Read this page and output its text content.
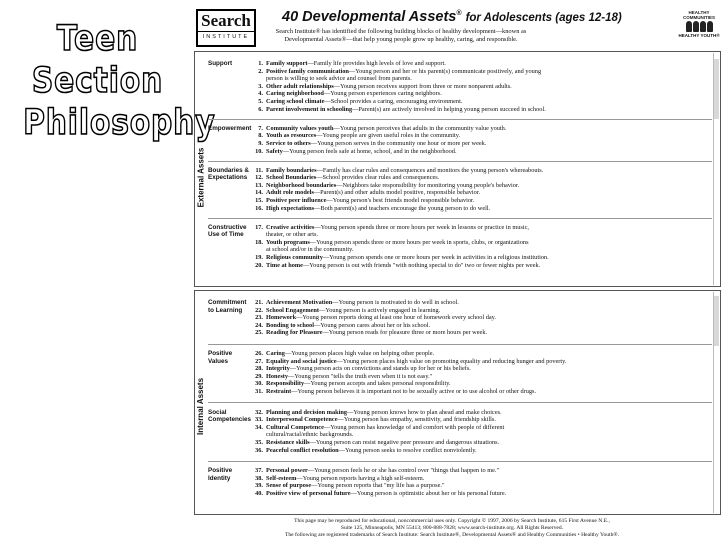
Teen
Section
Philosophy
Search
INSTITUTE
40 Developmental Assets® for Adolescents (ages 12-18)
Search Institute® has identified the following building blocks of healthy development—known as Developmental Assets®—that help young people grow up healthy, caring, and responsible.
HEALTHY COMMUNITIES
HEALTHY YOUTH®
Support	1. Family support—Family life provides high levels of love and support.
2. Positive family communication—Young person and her or his parent(s) communicate positively, and young
person is willing to seek advice and counsel from parents.
3. Other adult relationships—Young person receives support from three or more nonparent adults.
4. Caring neighborhood—Young person experiences caring neighbors.
5. Caring school climate—School provides a caring, encouraging environment.
6. Parent involvement in schooling—Parent(s) are actively involved in helping young person succeed in school.
Empowerment	7. Community values youth—Young person perceives that adults in the community value youth.
8. Youth as resources—Young people are given useful roles in the community.
9. Service to others—Young person serves in the community one hour or more per week.
10. Safety—Young person feels safe at home, school, and in the neighborhood.
Boundaries & Expectations
11. Family boundaries—Family has clear rules and consequences and monitors the young person's whereabouts.
12. School Boundaries—School provides clear rules and consequences.
13. Neighborhood boundaries—Neighbors take responsibility for monitoring young people's behavior.
14. Adult role models—Parent(s) and other adults model positive, responsible behavior.
15. Positive peer influence—Young person's best friends model responsible behavior.
16. High expectations—Both parent(s) and teachers encourage the young person to do well.
Constructive Use of Time
17. Creative activities—Young person spends three or more hours per week in lessons or practice in music,
theater, or other arts.
18. Youth programs—Young person spends three or more hours per week in sports, clubs, or organizations
at school and/or in the community.
19. Religious community—Young person spends one or more hours per week in activities in a religious institution.
20. Time at home—Young person is out with friends "with nothing special to do" two or fewer nights per week.
External Assets
Commitment to Learning
21. Achievement Motivation—Young person is motivated to do well in school.
22. School Engagement—Young person is actively engaged in learning.
23. Homework—Young person reports doing at least one hour of homework every school day.
24. Bonding to school—Young person cares about her or his school.
25. Reading for Pleasure—Young person reads for pleasure three or more hours per week.
Positive Values
26. Caring—Young person places high value on helping other people.
27. Equality and social justice—Young person places high value on promoting equality and reducing hunger and poverty.
28. Integrity—Young person acts on convictions and stands up for her or his beliefs.
29. Honesty—Young person "tells the truth even when it is not easy."
30. Responsibility—Young person accepts and takes personal responsibility.
31. Restraint—Young person believes it is important not to be sexually active or to use alcohol or other drugs.
Social Competencies
32. Planning and decision making—Young person knows how to plan ahead and make choices.
33. Interpersonal Competence—Young person has empathy, sensitivity, and friendship skills.
34. Cultural Competence—Young person has knowledge of and comfort with people of different
cultural/racial/ethnic backgrounds.
35. Resistance skills—Young person can resist negative peer pressure and dangerous situations.
36. Peaceful conflict resolution—Young person seeks to resolve conflict nonviolently.
Positive Identity
37. Personal power—Young person feels he or she has control over "things that happen to me."
38. Self-esteem—Young person reports having a high self-esteem.
39. Sense of purpose—Young person reports that "my life has a purpose."
40. Positive view of personal future—Young person is optimistic about her or his personal future.
Internal Assets
This page may be reproduced for educational, noncommercial uses only. Copyright © 1997, 2006 by Search Institute, 615 First Avenue N.E.,
Suite 125, Minneapolis, MN 55413; 800-888-7828; www.search-institute.org. All Rights Reserved.
The following are registered trademarks of Search Institute: Search Institute®, Developmental Assets® and Healthy Communities • Healthy Youth®.
